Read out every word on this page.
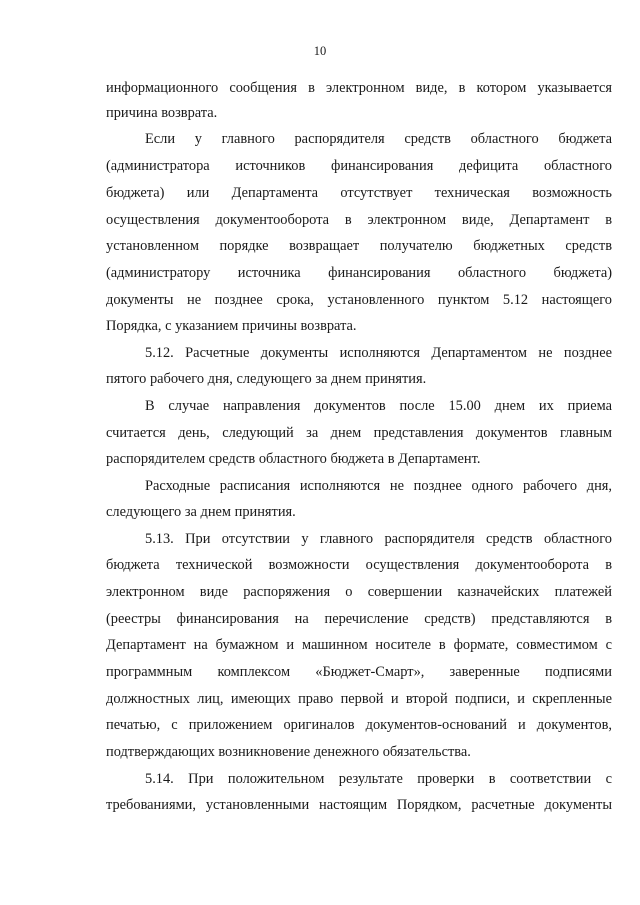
10
информационного сообщения в электронном виде, в котором указывается
причина возврата.
Если у главного распорядителя средств областного бюджета
(администратора источников финансирования дефицита областного
бюджета) или Департамента отсутствует техническая возможность
осуществления документооборота в электронном виде, Департамент в
установленном порядке возвращает получателю бюджетных средств
(администратору источника финансирования областного бюджета)
документы не позднее срока, установленного пунктом 5.12 настоящего
Порядка, с указанием причины возврата.
5.12. Расчетные документы исполняются Департаментом не позднее
пятого рабочего дня, следующего за днем принятия.
В случае направления документов после 15.00 днем их приема
считается день, следующий за днем представления документов главным
распорядителем средств областного бюджета в Департамент.
Расходные расписания исполняются не позднее одного рабочего дня,
следующего за днем принятия.
5.13. При отсутствии у главного распорядителя средств областного
бюджета технической возможности осуществления документооборота в
электронном виде распоряжения о совершении казначейских платежей
(реестры финансирования на перечисление средств) представляются в
Департамент на бумажном и машинном носителе в формате, совместимом с
программным комплексом «Бюджет-Смарт», заверенные подписями
должностных лиц, имеющих право первой и второй подписи, и скрепленные
печатью, с приложением оригиналов документов-оснований и документов,
подтверждающих возникновение денежного обязательства.
5.14. При положительном результате проверки в соответствии с
требованиями, установленными настоящим Порядком, расчетные документы
